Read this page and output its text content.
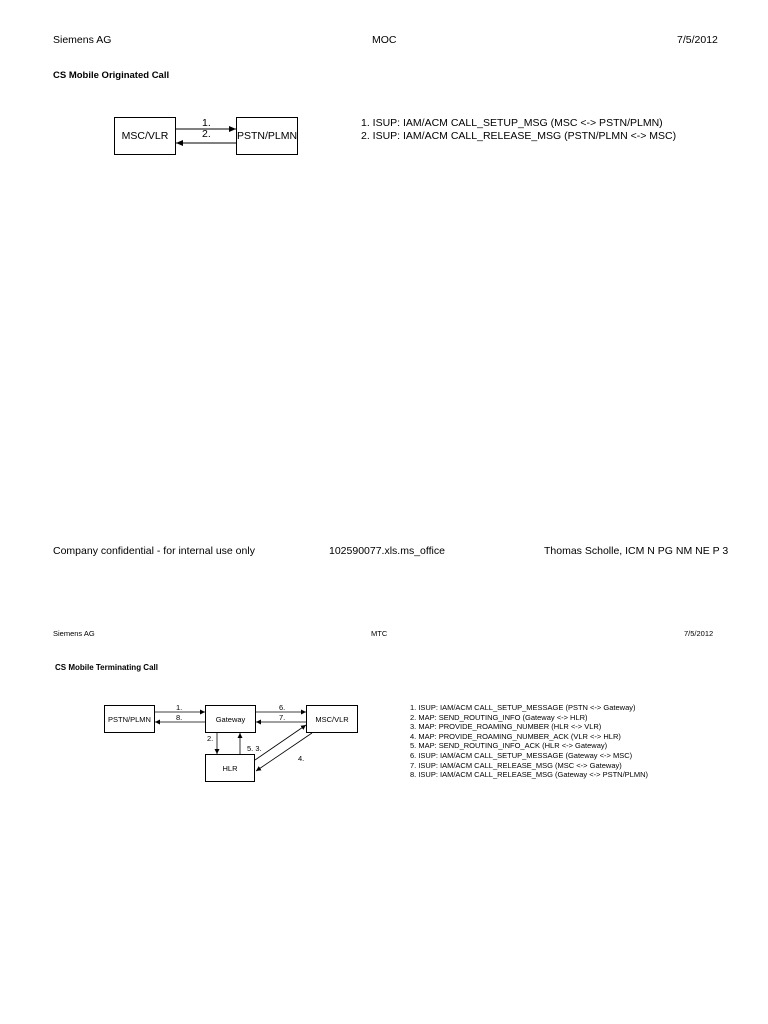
Siemens AG	MOC	7/5/2012
CS Mobile Originated Call
MSC/VLR	PSTN/PLMN
1.
2.
1. ISUP: IAM/ACM CALL_SETUP_MSG (MSC <-> PSTN/PLMN)
2. ISUP: IAM/ACM CALL_RELEASE_MSG (PSTN/PLMN <-> MSC)
Company confidential - for internal use only	102590077.xls.ms_office	Thomas Scholle, ICM N PG NM NE P 3
Siemens AG	MTC	7/5/2012
CS Mobile Terminating Call
PSTN/PLMN	Gateway	MSC/VLR
HLR
1.
8.
6.
7.
2.
5. 3.
4.
1. ISUP: IAM/ACM CALL_SETUP_MESSAGE (PSTN <-> Gateway)
2. MAP: SEND_ROUTING_INFO (Gateway <-> HLR)
3. MAP: PROVIDE_ROAMING_NUMBER (HLR <-> VLR)
4. MAP: PROVIDE_ROAMING_NUMBER_ACK (VLR <-> HLR)
5. MAP: SEND_ROUTING_INFO_ACK (HLR <-> Gateway)
6. ISUP: IAM/ACM CALL_SETUP_MESSAGE (Gateway <-> MSC)
7. ISUP: IAM/ACM CALL_RELEASE_MSG (MSC <-> Gateway)
8. ISUP: IAM/ACM CALL_RELEASE_MSG (Gateway <-> PSTN/PLMN)
